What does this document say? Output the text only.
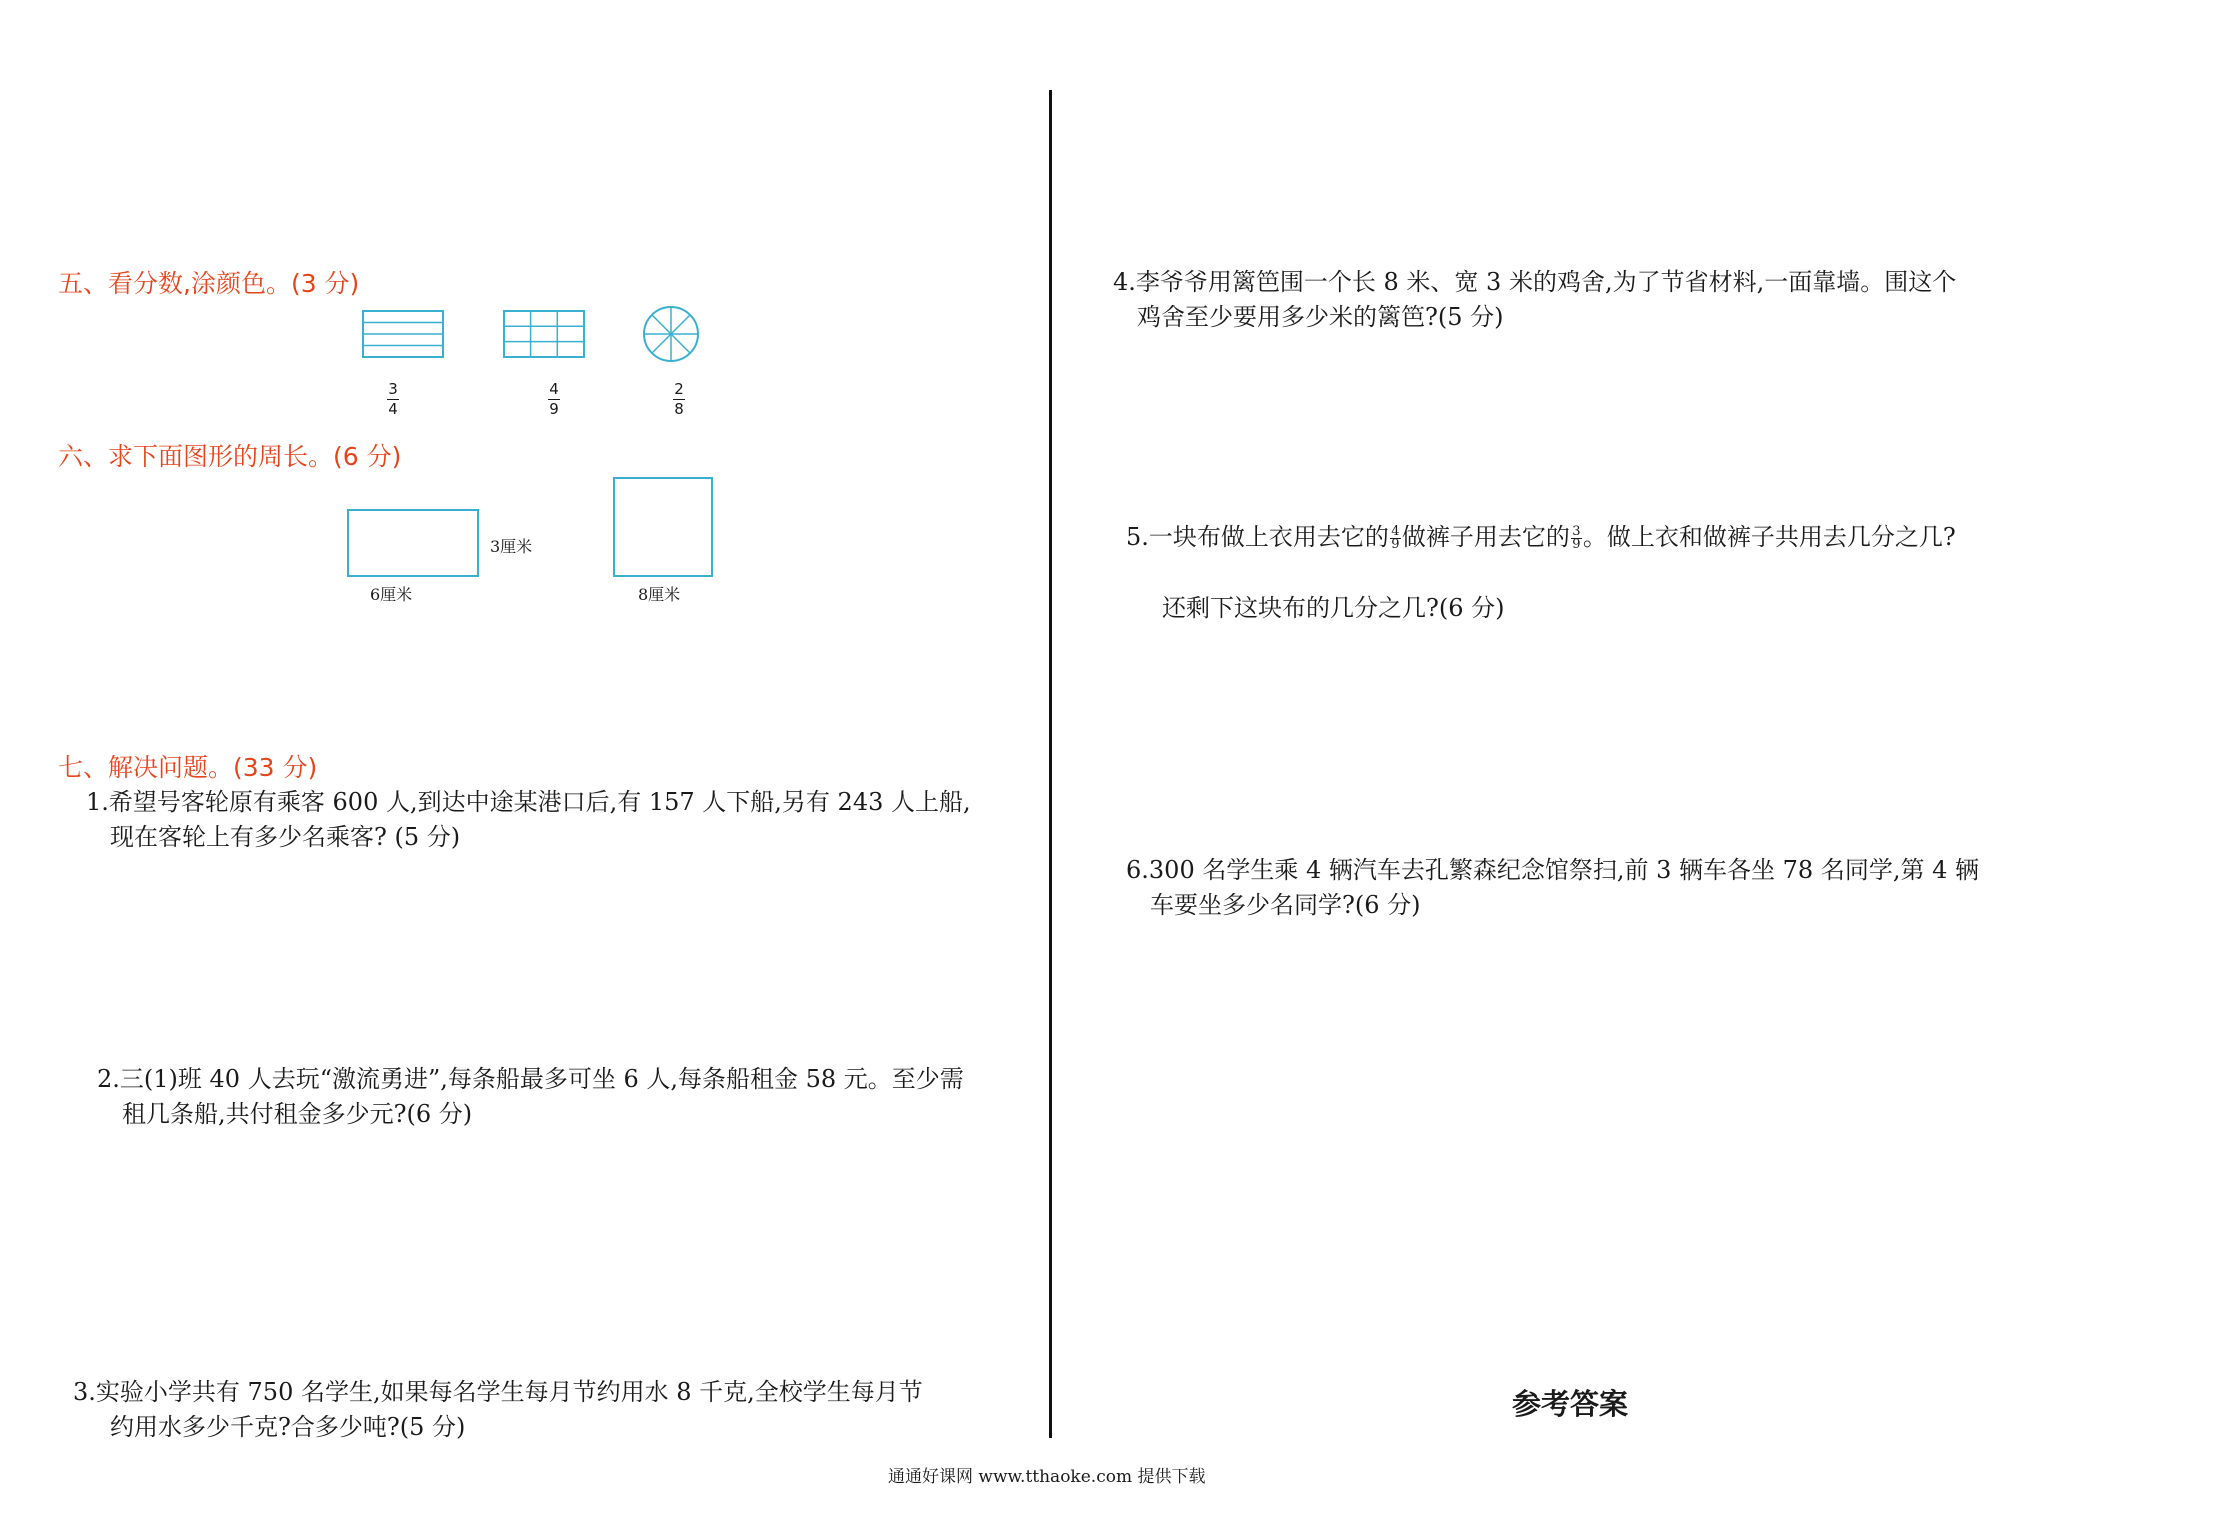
五、看分数,涂颜色。(3 分)
3
4
4
9
2
8
六、求下面图形的周长。(6 分)
3厘米
6厘米	8厘米
七、解决问题。(33 分)
1.希望号客轮原有乘客 600 人,到达中途某港口后,有 157 人下船,另有 243 人上船,
现在客轮上有多少名乘客? (5 分)
2.三(1)班 40 人去玩“激流勇进”,每条船最多可坐 6 人,每条船租金 58 元。至少需
租几条船,共付租金多少元?(6 分)
3.实验小学共有 750 名学生,如果每名学生每月节约用水 8 千克,全校学生每月节
约用水多少千克?合多少吨?(5 分)
4.李爷爷用篱笆围一个长 8 米、宽 3 米的鸡舍,为了节省材料,一面靠墙。围这个
鸡舍至少要用多少米的篱笆?(5 分)
5.一块布做上衣用去它的 $\frac{4}{9}$ 做裤子用去它的 $\frac{3}{9}$ 。做上衣和做裤子共用去几分之几?
还剩下这块布的几分之几?(6 分)
6.300 名学生乘 4 辆汽车去孔繁森纪念馆祭扫,前 3 辆车各坐 78 名同学,第 4 辆
车要坐多少名同学?(6 分)
参考答案
通通好课网 www.tthaoke.com 提供下载
